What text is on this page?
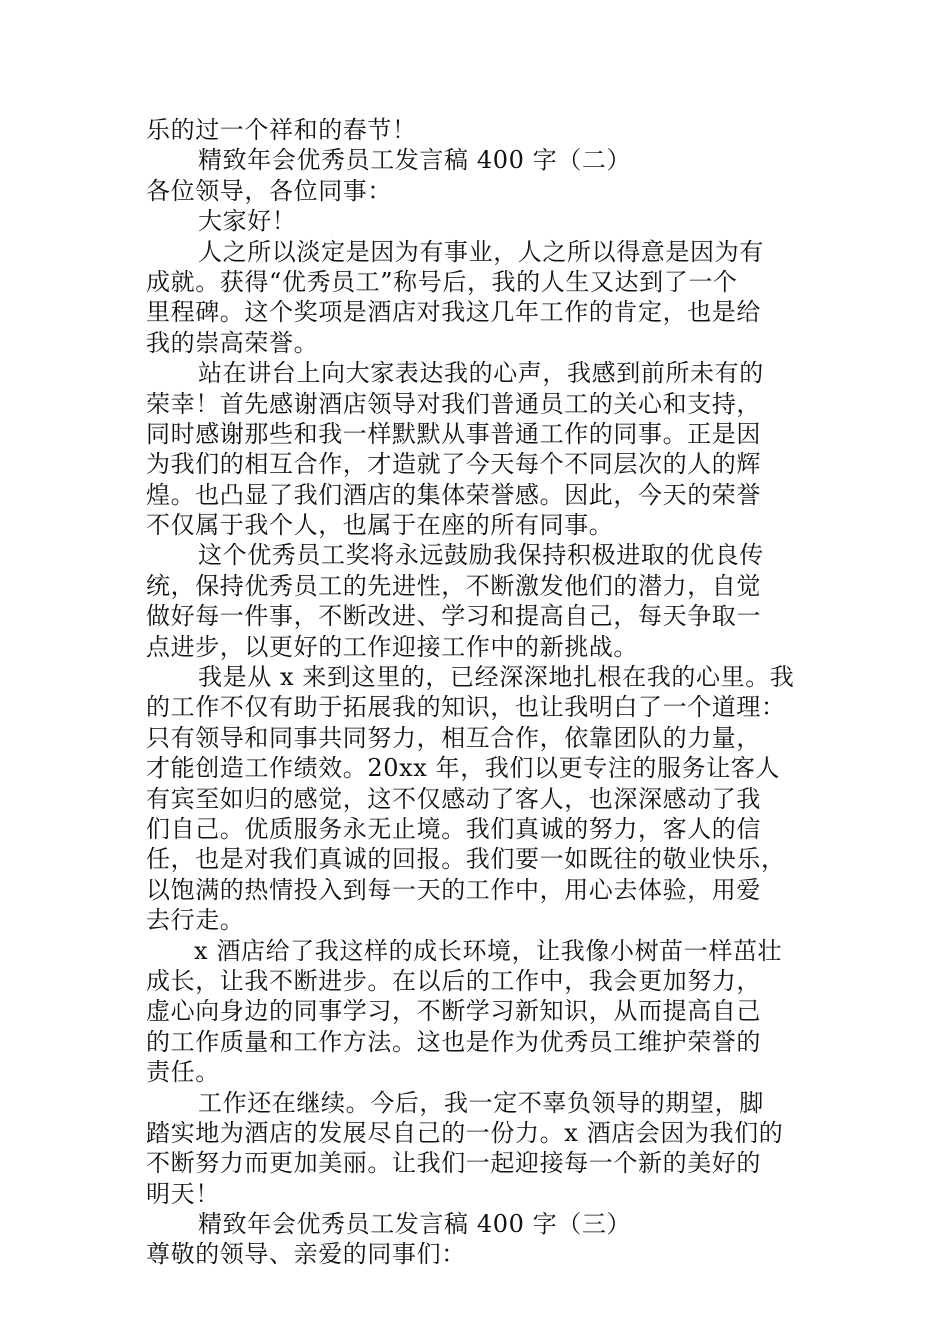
乐的过一个祥和的春节！
精致年会优秀员工发言稿 400 字（二）
各位领导，各位同事：
大家好！
人之所以淡定是因为有事业，人之所以得意是因为有
成就。获得“优秀员工”称号后，我的人生又达到了一个
里程碑。这个奖项是酒店对我这几年工作的肯定，也是给
我的崇高荣誉。
站在讲台上向大家表达我的心声，我感到前所未有的
荣幸！首先感谢酒店领导对我们普通员工的关心和支持，
同时感谢那些和我一样默默从事普通工作的同事。正是因
为我们的相互合作，才造就了今天每个不同层次的人的辉
煌。也凸显了我们酒店的集体荣誉感。因此，今天的荣誉
不仅属于我个人，也属于在座的所有同事。
这个优秀员工奖将永远鼓励我保持积极进取的优良传
统，保持优秀员工的先进性，不断激发他们的潜力，自觉
做好每一件事，不断改进、学习和提高自己，每天争取一
点进步，以更好的工作迎接工作中的新挑战。
我是从 x 来到这里的，已经深深地扎根在我的心里。我
的工作不仅有助于拓展我的知识，也让我明白了一个道理：
只有领导和同事共同努力，相互合作，依靠团队的力量，
才能创造工作绩效。20xx 年，我们以更专注的服务让客人
有宾至如归的感觉，这不仅感动了客人，也深深感动了我
们自己。优质服务永无止境。我们真诚的努力，客人的信
任，也是对我们真诚的回报。我们要一如既往的敬业快乐，
以饱满的热情投入到每一天的工作中，用心去体验，用爱
去行走。
x 酒店给了我这样的成长环境，让我像小树苗一样茁壮
成长，让我不断进步。在以后的工作中，我会更加努力，
虚心向身边的同事学习，不断学习新知识，从而提高自己
的工作质量和工作方法。这也是作为优秀员工维护荣誉的
责任。
工作还在继续。今后，我一定不辜负领导的期望，脚
踏实地为酒店的发展尽自己的一份力。x 酒店会因为我们的
不断努力而更加美丽。让我们一起迎接每一个新的美好的
明天！
精致年会优秀员工发言稿 400 字（三）
尊敬的领导、亲爱的同事们：
